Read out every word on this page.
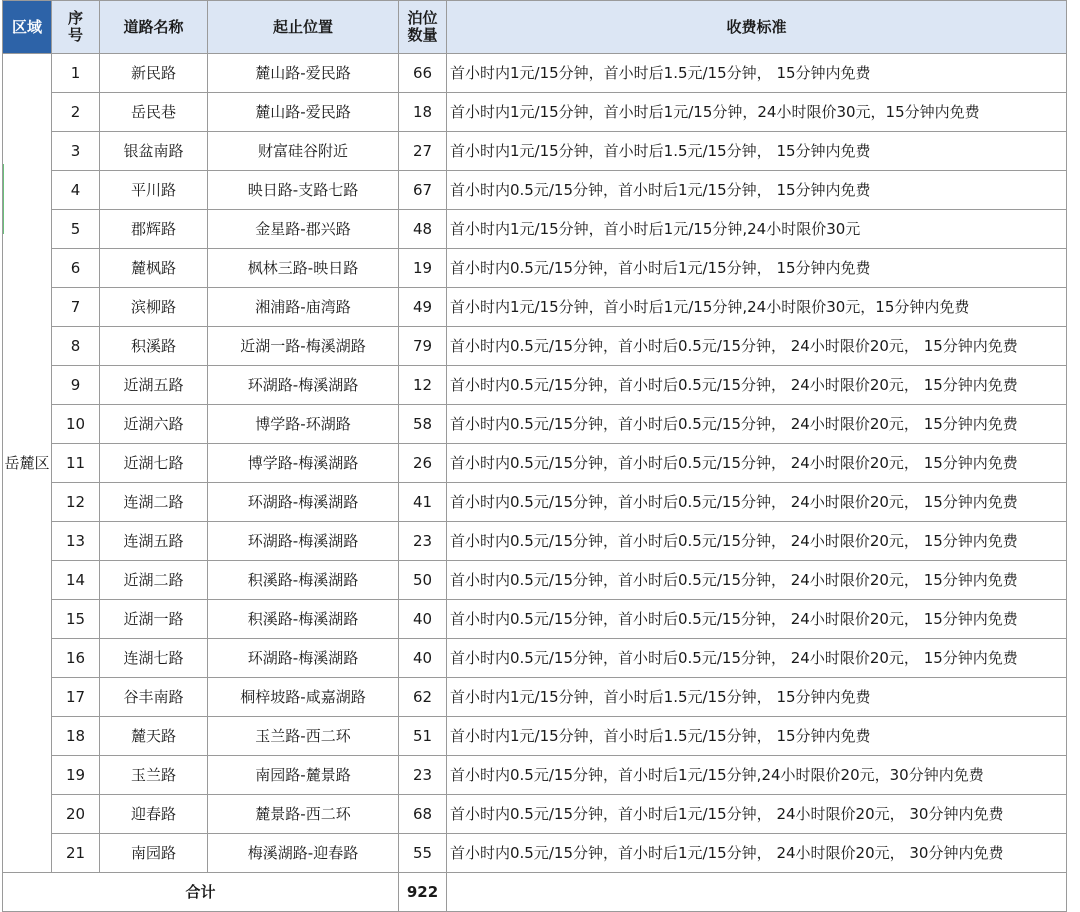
区域	序号	道路名称	起止位置	泊位数量	收费标准
岳麓区	1	新民路	麓山路-爱民路	66	首小时内1元/15分钟，首小时后1.5元/15分钟， 15分钟内免费

	2	岳民巷	麓山路-爱民路	18	首小时内1元/15分钟，首小时后1元/15分钟，24小时限价30元，15分钟内免费

	3	银盆南路	财富硅谷附近	27	首小时内1元/15分钟，首小时后1.5元/15分钟， 15分钟内免费

	4	平川路	映日路-支路七路	67	首小时内0.5元/15分钟，首小时后1元/15分钟， 15分钟内免费

	5	郡辉路	金星路-郡兴路	48	首小时内1元/15分钟，首小时后1元/15分钟,24小时限价30元

	6	麓枫路	枫林三路-映日路	19	首小时内0.5元/15分钟，首小时后1元/15分钟， 15分钟内免费

	7	滨柳路	湘浦路-庙湾路	49	首小时内1元/15分钟，首小时后1元/15分钟,24小时限价30元，15分钟内免费

	8	积溪路	近湖一路-梅溪湖路	79	首小时内0.5元/15分钟，首小时后0.5元/15分钟， 24小时限价20元， 15分钟内免费

	9	近湖五路	环湖路-梅溪湖路	12	首小时内0.5元/15分钟，首小时后0.5元/15分钟， 24小时限价20元， 15分钟内免费

	10	近湖六路	博学路-环湖路	58	首小时内0.5元/15分钟，首小时后0.5元/15分钟， 24小时限价20元， 15分钟内免费

	11	近湖七路	博学路-梅溪湖路	26	首小时内0.5元/15分钟，首小时后0.5元/15分钟， 24小时限价20元， 15分钟内免费

	12	连湖二路	环湖路-梅溪湖路	41	首小时内0.5元/15分钟，首小时后0.5元/15分钟， 24小时限价20元， 15分钟内免费

	13	连湖五路	环湖路-梅溪湖路	23	首小时内0.5元/15分钟，首小时后0.5元/15分钟， 24小时限价20元， 15分钟内免费

	14	近湖二路	积溪路-梅溪湖路	50	首小时内0.5元/15分钟，首小时后0.5元/15分钟， 24小时限价20元， 15分钟内免费

	15	近湖一路	积溪路-梅溪湖路	40	首小时内0.5元/15分钟，首小时后0.5元/15分钟， 24小时限价20元， 15分钟内免费

	16	连湖七路	环湖路-梅溪湖路	40	首小时内0.5元/15分钟，首小时后0.5元/15分钟， 24小时限价20元， 15分钟内免费

	17	谷丰南路	桐梓坡路-咸嘉湖路	62	首小时内1元/15分钟，首小时后1.5元/15分钟， 15分钟内免费

	18	麓天路	玉兰路-西二环	51	首小时内1元/15分钟，首小时后1.5元/15分钟， 15分钟内免费

	19	玉兰路	南园路-麓景路	23	首小时内0.5元/15分钟，首小时后1元/15分钟,24小时限价20元，30分钟内免费

	20	迎春路	麓景路-西二环	68	首小时内0.5元/15分钟，首小时后1元/15分钟， 24小时限价20元， 30分钟内免费

	21	南园路	梅溪湖路-迎春路	55	首小时内0.5元/15分钟，首小时后1元/15分钟， 24小时限价20元， 30分钟内免费

合计				922	
